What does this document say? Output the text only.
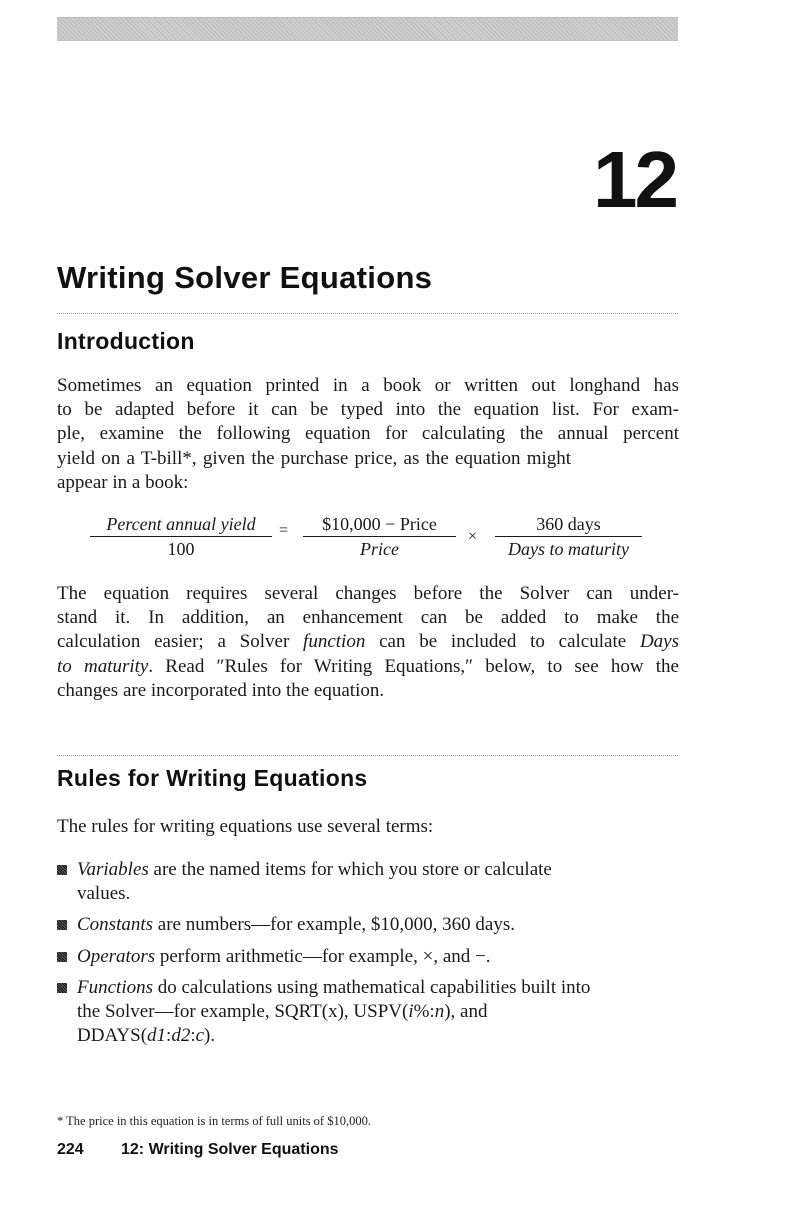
12
Writing Solver Equations
Introduction

Sometimes an equation printed in a book or written out longhand has
to be adapted before it can be typed into the equation list. For exam-
ple, examine the following equation for calculating the annual percent
yield on a T-bill*, given the purchase price, as the equation might
appear in a book:

Percent annual yield
100
=	$10,000 − Price
Price
×
360 days
Days to maturity

The equation requires several changes before the Solver can under-
stand it. In addition, an enhancement can be added to make the
calculation easier; a Solver function can be included to calculate Days
to maturity. Read ″Rules for Writing Equations,″ below, to see how the
changes are incorporated into the equation.

Rules for Writing Equations

The rules for writing equations use several terms:

Variables are the named items for which you store or calculate
values.
Constants are numbers—for example, $10,000, 360 days.
Operators perform arithmetic—for example, ×, and −.
Functions do calculations using mathematical capabilities built into
the Solver—for example, SQRT(x), USPV(i%:n), and
DDAYS(d1:d2:c).

* The price in this equation is in terms of full units of $10,000.

224 12: Writing Solver Equations
